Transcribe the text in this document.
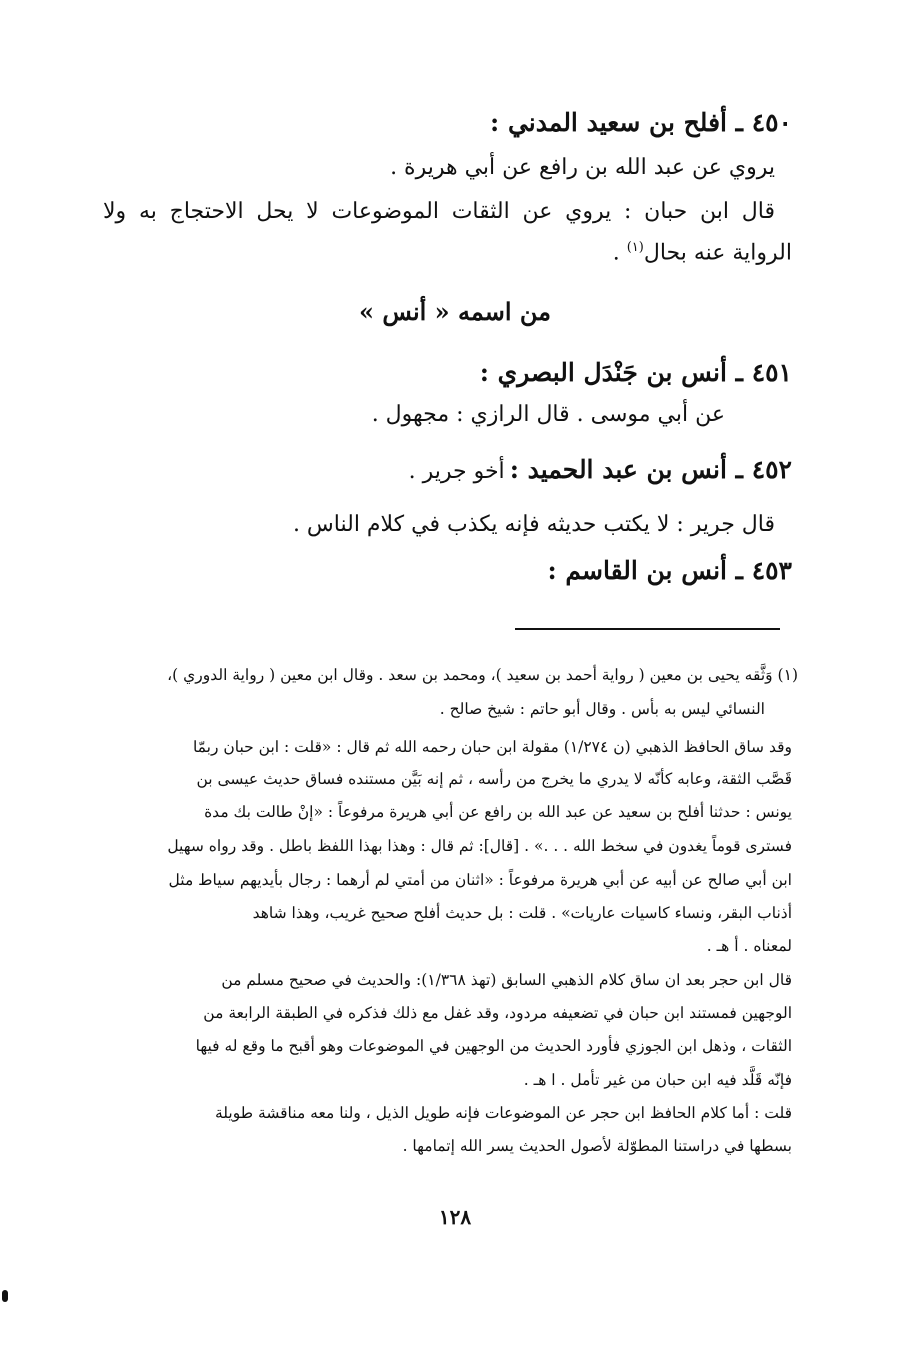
٤٥٠ ـ أفلح بن سعيد المدني :
يروي عن عبد الله بن رافع عن أبي هريرة .
قال ابن حبان : يروي عن الثقات الموضوعات لا يحل الاحتجاج به ولا
الرواية عنه بحال$^{(١)}$ .
من اسمه « أنس »
٤٥١ ـ أنس بن جَنْدَل البصري :
عن أبي موسى . قال الرازي : مجهول .
٤٥٢ ـ أنس بن عبد الحميد : أخو جرير .
قال جرير : لا يكتب حديثه فإنه يكذب في كلام الناس .
٤٥٣ ـ أنس بن القاسم :
(١) وَثَّقه يحيى بن معين ( رواية أحمد بن سعيد )، ومحمد بن سعد . وقال ابن معين ( رواية الدوري )،
النسائي ليس به بأس . وقال أبو حاتم : شيخ صالح .
وقد ساق الحافظ الذهبي (ن ١/٢٧٤) مقولة ابن حبان رحمه الله ثم قال : «قلت : ابن حبان ربمّا
قَصَّب الثقة، وعابه كأنّه لا يدري ما يخرج من رأسه ، ثم إنه بَيَّن مستنده فساق حديث عيسى بن
يونس : حدثنا أفلح بن سعيد عن عبد الله بن رافع عن أبي هريرة مرفوعاً : «إنْ طالت بك مدة
فسترى قوماً يغدون في سخط الله . . .» . [قال]: ثم قال : وهذا بهذا اللفظ باطل . وقد رواه سهيل
ابن أبي صالح عن أبيه عن أبي هريرة مرفوعاً : «اثنان من أمتي لم أرهما : رجال بأيديهم سياط مثل
أذناب البقر، ونساء كاسيات عاريات» . قلت : بل حديث أفلح صحيح غريب، وهذا شاهد
لمعناه . أ هـ .
قال ابن حجر بعد ان ساق كلام الذهبي السابق (تهذ ١/٣٦٨): والحديث في صحيح مسلم من
الوجهين فمستند ابن حبان في تضعيفه مردود، وقد غفل مع ذلك فذكره في الطبقة الرابعة من
الثقات ، وذهل ابن الجوزي فأورد الحديث من الوجهين في الموضوعات وهو أقبح ما وقع له فيها
فإنّه قَلَّد فيه ابن حبان من غير تأمل . ا هـ .
قلت : أما كلام الحافظ ابن حجر عن الموضوعات فإنه طويل الذيل ، ولنا معه مناقشة طويلة
بسطها في دراستنا المطوّلة لأصول الحديث يسر الله إتمامها .
١٢٨
